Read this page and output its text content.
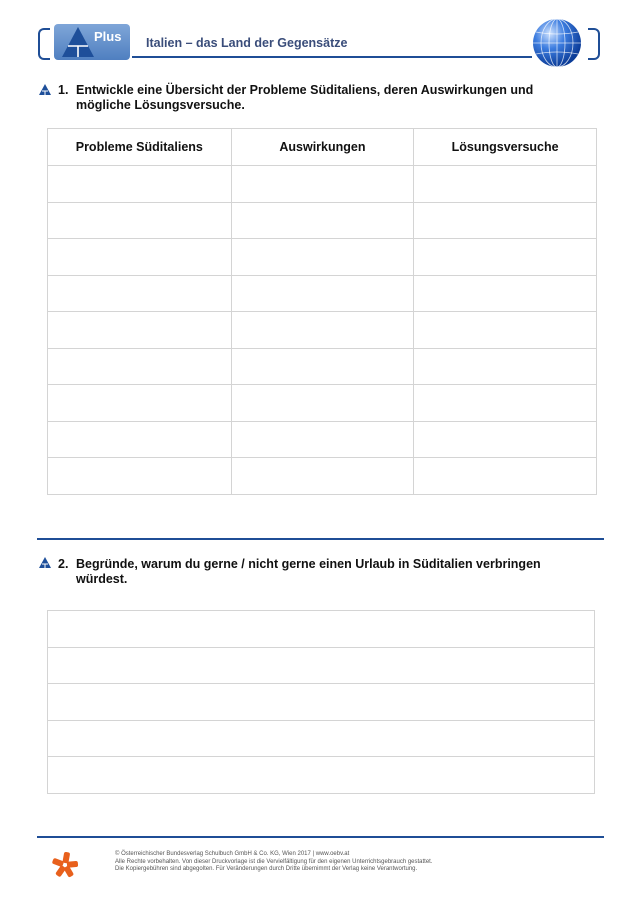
Plus Italien – das Land der Gegensätze
1. Entwickle eine Übersicht der Probleme Süditaliens, deren Auswirkungen und
mögliche Lösungsversuche.
Probleme Süditaliens	Auswirkungen	Lösungsversuche

2. Begründe, warum du gerne / nicht gerne einen Urlaub in Süditalien verbringen
würdest.

© Österreichischer Bundesverlag Schulbuch GmbH & Co. KG, Wien 2017 | www.oebv.at
Alle Rechte vorbehalten. Von dieser Druckvorlage ist die Vervielfältigung für den eigenen Unterrichtsgebrauch gestattet.
Die Kopiergebühren sind abgegolten. Für Veränderungen durch Dritte übernimmt der Verlag keine Verantwortung.
